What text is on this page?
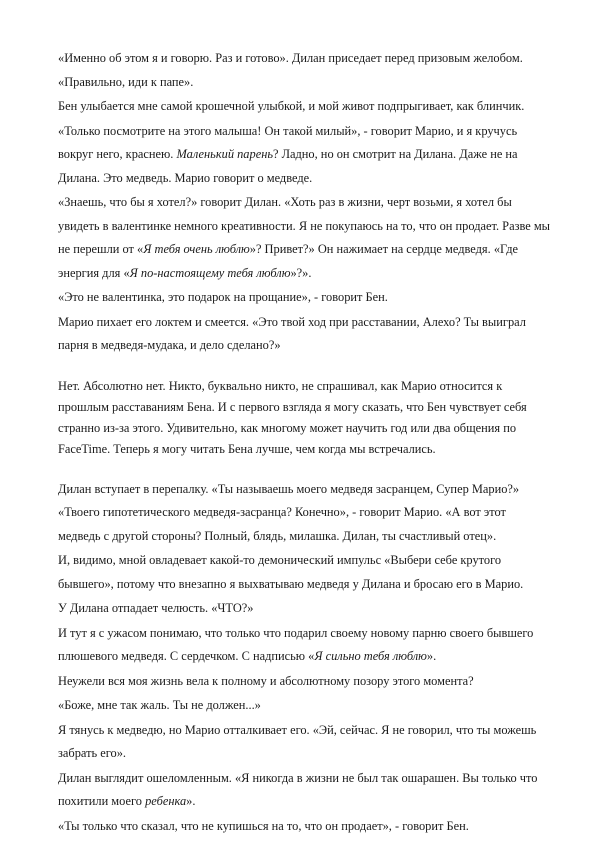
«Именно об этом я и говорю. Раз и готово». Дилан приседает перед призовым желобом. «Правильно, иди к папе».

Бен улыбается мне самой крошечной улыбкой, и мой живот подпрыгивает, как блинчик.

«Только посмотрите на этого малыша! Он такой милый», - говорит Марио, и я кручусь вокруг него, краснею. Маленький парень? Ладно, но он смотрит на Дилана. Даже не на Дилана. Это медведь. Марио говорит о медведе.

«Знаешь, что бы я хотел?» говорит Дилан. «Хоть раз в жизни, черт возьми, я хотел бы увидеть в валентинке немного креативности. Я не покупаюсь на то, что он продает. Разве мы не перешли от «Я тебя очень люблю»? Привет?» Он нажимает на сердце медведя. «Где энергия для «Я по-настоящему тебя люблю»?».

«Это не валентинка, это подарок на прощание», - говорит Бен.

Марио пихает его локтем и смеется. «Это твой ход при расставании, Алехо? Ты выиграл парня в медведя-мудака, и дело сделано?»

Нет. Абсолютно нет. Никто, буквально никто, не спрашивал, как Марио относится к прошлым расставаниям Бена. И с первого взгляда я могу сказать, что Бен чувствует себя странно из-за этого. Удивительно, как многому может научить год или два общения по FaceTime. Теперь я могу читать Бена лучше, чем когда мы встречались.

Дилан вступает в перепалку. «Ты называешь моего медведя засранцем, Супер Марио?» «Твоего гипотетического медведя-засранца? Конечно», - говорит Марио. «А вот этот медведь с другой стороны? Полный, блядь, милашка. Дилан, ты счастливый отец».

И, видимо, мной овладевает какой-то демонический импульс «Выбери себе крутого бывшего», потому что внезапно я выхватываю медведя у Дилана и бросаю его в Марио.

У Дилана отпадает челюсть. «ЧТО?»

И тут я с ужасом понимаю, что только что подарил своему новому парню своего бывшего плюшевого медведя. С сердечком. С надписью «Я сильно тебя люблю».

Неужели вся моя жизнь вела к полному и абсолютному позору этого момента?

«Боже, мне так жаль. Ты не должен...»

Я тянусь к медведю, но Марио отталкивает его. «Эй, сейчас. Я не говорил, что ты можешь забрать его».

Дилан выглядит ошеломленным. «Я никогда в жизни не был так ошарашен. Вы только что похитили моего ребенка».

«Ты только что сказал, что не купишься на то, что он продает», - говорит Бен.
